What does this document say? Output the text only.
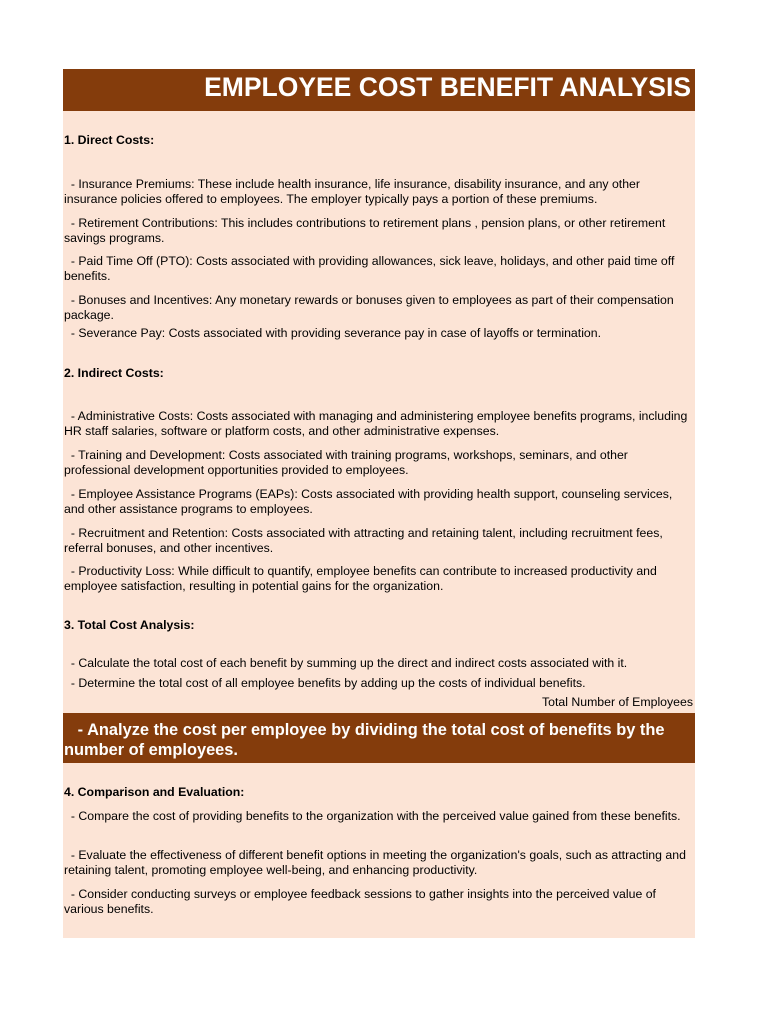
EMPLOYEE COST BENEFIT ANALYSIS
1. Direct Costs:
- Insurance Premiums: These include health insurance, life insurance, disability insurance, and any other insurance policies offered to employees. The employer typically pays a portion of these premiums.
- Retirement Contributions: This includes contributions to retirement plans , pension plans, or other retirement savings programs.
- Paid Time Off (PTO): Costs associated with providing allowances, sick leave, holidays, and other paid time off benefits.
- Bonuses and Incentives: Any monetary rewards or bonuses given to employees as part of their compensation package.
- Severance Pay: Costs associated with providing severance pay in case of layoffs or termination.
2. Indirect Costs:
- Administrative Costs: Costs associated with managing and administering employee benefits programs, including HR staff salaries, software or platform costs, and other administrative expenses.
- Training and Development: Costs associated with training programs, workshops, seminars, and other professional development opportunities provided to employees.
- Employee Assistance Programs (EAPs): Costs associated with providing health support, counseling services, and other assistance programs to employees.
- Recruitment and Retention: Costs associated with attracting and retaining talent, including recruitment fees, referral bonuses, and other incentives.
- Productivity Loss: While difficult to quantify, employee benefits can contribute to increased productivity and employee satisfaction, resulting in potential gains for the organization.
3. Total Cost Analysis:
- Calculate the total cost of each benefit by summing up the direct and indirect costs associated with it.
- Determine the total cost of all employee benefits by adding up the costs of individual benefits.
Total Number of Employees
- Analyze the cost per employee by dividing the total cost of benefits by the number of employees.
4. Comparison and Evaluation:
- Compare the cost of providing benefits to the organization with the perceived value gained from these benefits.
- Evaluate the effectiveness of different benefit options in meeting the organization's goals, such as attracting and retaining talent, promoting employee well-being, and enhancing productivity.
- Consider conducting surveys or employee feedback sessions to gather insights into the perceived value of various benefits.
